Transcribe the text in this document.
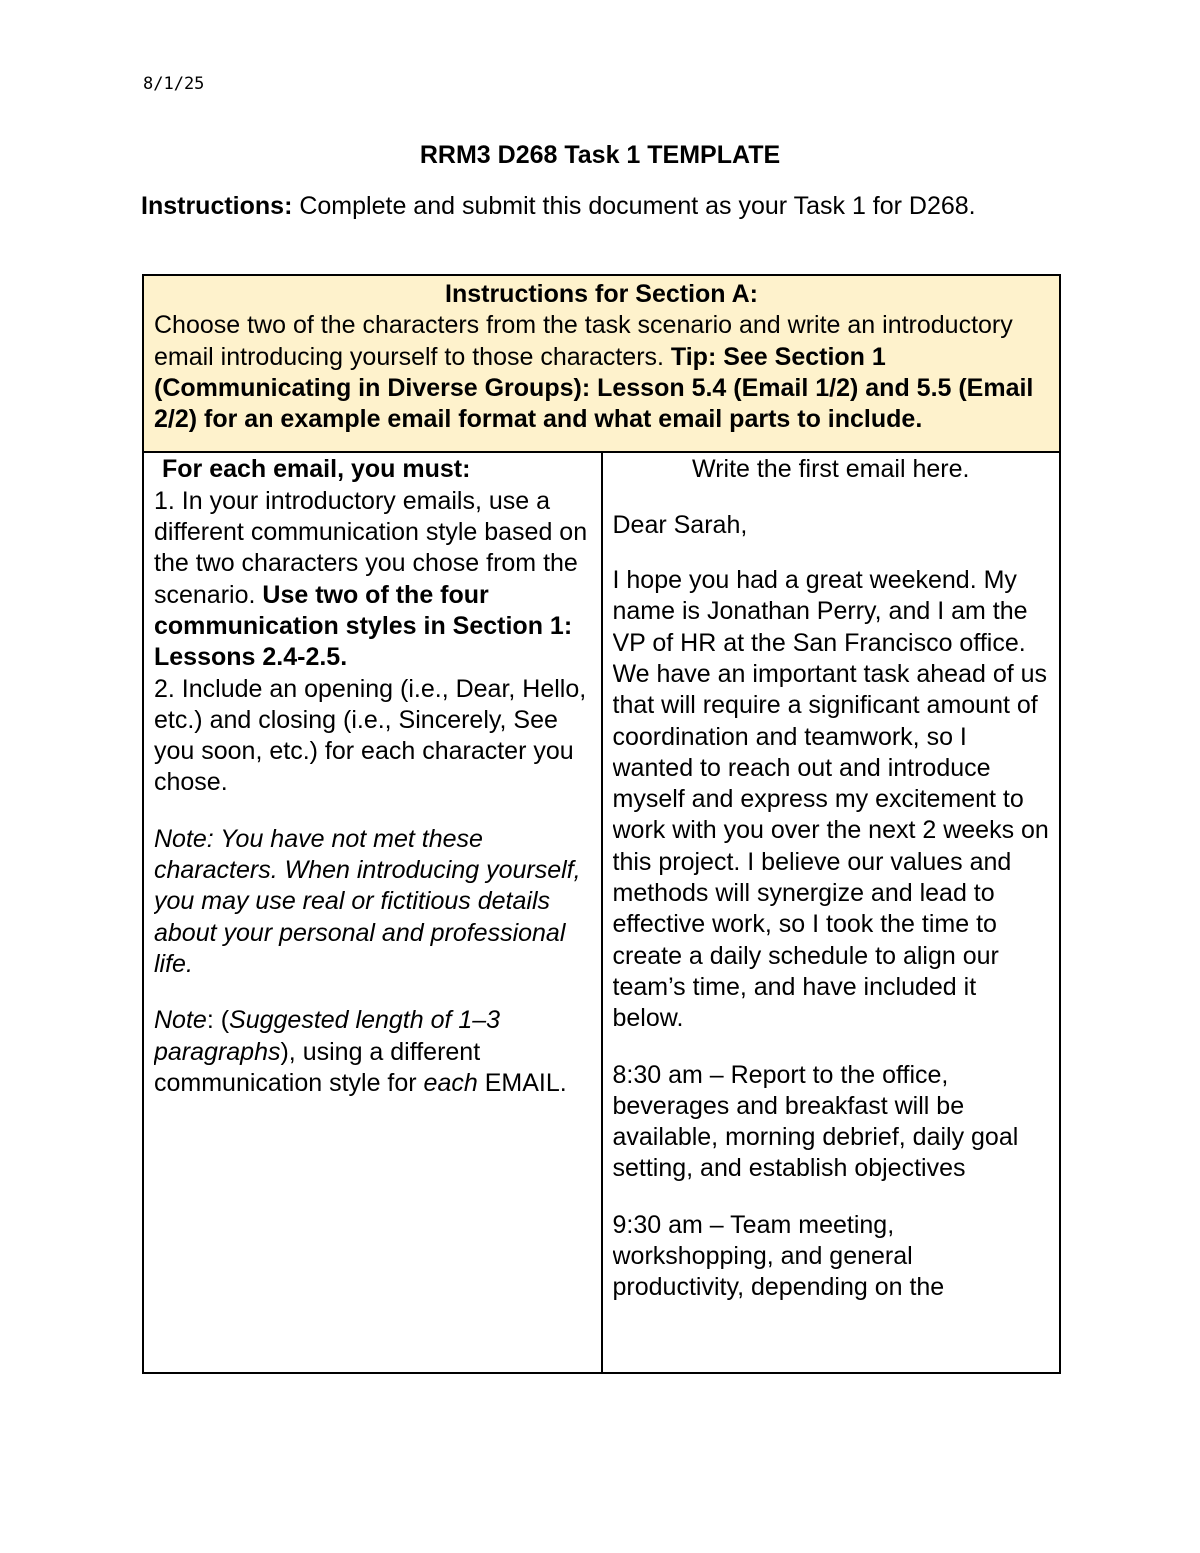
8/1/25

RRM3 D268 Task 1 TEMPLATE

Instructions: Complete and submit this document as your Task 1 for D268.

Instructions for Section A:

Choose two of the characters from the task scenario and write an introductory email introducing yourself to those characters. Tip: See Section 1 (Communicating in Diverse Groups): Lesson 5.4 (Email 1/2) and 5.5 (Email 2/2) for an example email format and what email parts to include.

For each email, you must:

1. In your introductory emails, use a different communication style based on the two characters you chose from the scenario. Use two of the four communication styles in Section 1: Lessons 2.4-2.5.

2. Include an opening (i.e., Dear, Hello, etc.) and closing (i.e., Sincerely, See you soon, etc.) for each character you chose.

Note: You have not met these characters. When introducing yourself, you may use real or fictitious details about your personal and professional life.

Note: (Suggested length of 1–3 paragraphs), using a different communication style for each EMAIL.

Write the first email here.

Dear Sarah,

I hope you had a great weekend. My name is Jonathan Perry, and I am the VP of HR at the San Francisco office. We have an important task ahead of us that will require a significant amount of coordination and teamwork, so I wanted to reach out and introduce myself and express my excitement to work with you over the next 2 weeks on this project. I believe our values and methods will synergize and lead to effective work, so I took the time to create a daily schedule to align our team’s time, and have included it below.

8:30 am – Report to the office, beverages and breakfast will be available, morning debrief, daily goal setting, and establish objectives

9:30 am – Team meeting, workshopping, and general productivity, depending on the
